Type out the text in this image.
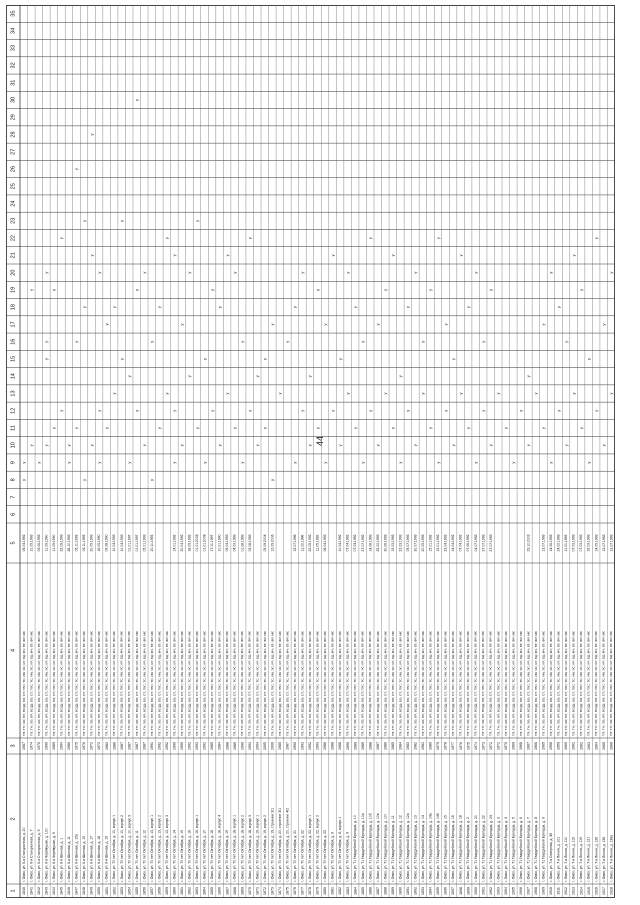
44
1
2
3
4
5
6
7
8
9
10
11
12
13
14
15
16
17
18
19
20
21
22
23
24
25
26
27
28
29
30
31
32
33
34
35
1840
г. Омск, ул. 6-я Станционная, д. 20
1987
ТП; ТН; ЭО; ВР; ВС(Д); ВО; СТ; ГВС; ТС; КМ; ЭС; КР; ВД; ФЧ; ВТ; ФР; МС
09.04.1992
у
у
1841
г. Омск, ул. 6-я Станционная, д. 7
1974
ТП; ТН; ЭО; ВР; ВС(Д); ВО; СТ; ГВС; ТС; КМ; ЭС; КР; ВД; ФЧ; ВТ; ФР; МС
10.05.1993
у
у
1842
г. Омск, ул. 6-я Станционная, д. 5
1970
ТП; ТН; ЭО; ВР; ВС(Д); ВО; СТ; ГВС; ТС; КМ; ЭС; КР; ВД; ФЧ; ВТ; ФР; МС
09.06.1993
у
1843
г. Омск, ул. 6-я Черёмушки, д. 100
1990
ТП; ТН; ЭО; ВР; ВС(Д); ВО; СТ; ГВС; ТС; КМ; ЭС; КР; ВД; ФЧ; ВТ; ФР; МС
11.09.1990
у
у
у
у
1844
г. Омск, ул. 6-я Черёмушки, д. 9
1989
ТП; ТН; ЭО; ВР; ВС(Д); ВО; СТ; ГВС; ТС; КМ; ЭС; КР; ВД; ФЧ; ВТ; ФР; МС
11.09.1990
у
у
1845
г. Омск, ул. 6-я Шинная, д. 1
1994
ТП; ТН; ЭО; ВР; ВС(Д); ВО; СТ; ГВС; ТС; КМ; ЭС; КР; ВД; ФЧ; ВТ; ФР; МС
22.09.1993
у
у
1846
г. Омск, ул. 6-я Шинная, д. 11
1980
ТП; ТН; ЭО; ВР; ВС(Д); ВО; СТ; ГВС; ТС; КМ; ЭС; КР; ВД; ФЧ; ВТ; ФР; МС
28.10.1993
у
у
1847
г. Омск, ул. 6-я Шинная, д. 15а
1975
ТП; ТН; ЭО; ВР; ВС(Д); ВО; СТ; ГВС; ТС; КМ; ЭС; КР; ВД; ФЧ; ВТ; ФР; МС
05.11.1993
у
у
у
1848
г. Омск, ул. 6-я Шинная, д. 15
1976
ТП; ТН; ЭО; ВР; ВС(Д); ВО; СТ; ГВС; ТС; КМ; ЭС; КР; ВД; ФЧ; ВТ; ФР; МС
05.11.1993
у
у
у
1849
г. Омск, ул. 6-я Шинная, д. 17
1972
ТП; ТН; ЭО; ВР; ВС(Д); ВО; СТ; ГВС; ТС; КМ; ЭС; КР; ВД; ФЧ; ВТ; ФР; МС
20.05.1993
у
у
у
1850
г. Омск, ул. 6-я Шинная, д. 18
1973
ТП; ТН; ЭО; ВР; ВС(Д); ВО; СТ; ГВС; ТС; КМ; ЭС; КР; ВД; ФЧ; ВТ; ФР; МС
16.05.1990
у
у
у
1851
г. Омск, ул. 6-я Шинная, д. 19
1983
ТП; ТН; ЭО; ВР; ВС(Д); ВО; СТ; ГВС; ТС; КМ; ЭС; КР; ВД; ФЧ; ВТ; ФР; МС
09.08.1990
у
у
1852
г. Омск, ул. 70 лет Октября, д. 10, корпус 1
1986
ТП; ТН; ЭО; ВР; ВС(Д); ВО; СТ; ГВС; ТС; КМ; ЭС; КР; ВД; ФЧ; ВТ; ФР; МС
10.04.1993
у
у
1853
г. Омск, ул. 70 лет Октября, д. 10, корпус 2
1987
ТП; ТН; ЭО; ВР; ВС(Д); ВО; СТ; ГВС; ТС; КМ; ЭС; КР; ВД; ФЧ; ВТ; ФР; МС
10.04.1993
у
у
1854
г. Омск, ул. 70 лет Октября, д. 10, корпус 3
1987
ТП; ТН; ЭО; ВР; ВС(Д); ВО; СТ; ГВС; ТС; КМ; ЭС; КР; ВД; ФЧ; ВТ; ФР; МС
01.01.1997
у
у
1855
г. Омск, ул. 70 лет Октября, д. 11
1987
ТП; ТН; ЭО; ВР; ВС(Д); ВО; СТ; ГВС; ТС; КМ; ЭС; КР; ВД; ФЧ; ВТ; ФР; МС
01.01.1997
у
у
у
1856
г. Омск, ул. 70 лет Октября, д. 12
1987
ТП; ТН; ЭО; ВР; ВС(Д); ВО; СТ; ГВС; ТС; КМ; ЭС; КР; ВД; ФЧ; ВТ; ФР; МС
05.01.1993
у
у
1857
г. Омск, ул. 70 лет Октября, д. 13, корпус 1
1991
ТП; ТН; ЭО; ВР; ВС(Д); ВО; СТ; ГВС; ТС; КМ; ЭС; КР; ВД; ФЧ; ВТ; ФР; МС
20.11.1993
у
у
1858
г. Омск, ул. 70 лет Октября, д. 13, корпус 2
1992
ТП; ТН; ЭО; ВР; ВС(Д); ВО; СТ; ГВС; ТС; КМ; ЭС; КР; ВД; ФЧ; ВТ; ФР; МС
у
у
1859
г. Омск, ул. 70 лет Октября, д. 13, корпус 3
1992
ТП; ТН; ЭО; ВР; ВС(Д); ВО; СТ; ГВС; ТС; КМ; ЭС; КР; ВД; ФЧ; ВТ; ФР; МС
у
у
1860
г. Омск, ул. 70 лет Октября, д. 14
1990
ТП; ТН; ЭО; ВР; ВС(Д); ВО; СТ; ГВС; ТС; КМ; ЭС; КР; ВД; ФЧ; ВТ; ФР; МС
14.01.1992
у
у
у
1861
г. Омск, ул. 70 лет Октября, д. 15
1990
ТП; ТН; ЭО; ВР; ВС(Д); ВО; СТ; ГВС; ТС; КМ; ЭС; КР; ВД; ФЧ; ВТ; ФР; МС
20.04.1992
у
у
1862
г. Омск, ул. 70 лет Октября, д. 16
1992
ТП; ТН; ЭО; ВР; ВС(Д); ВО; СТ; ГВС; ТС; КМ; ЭС; КР; ВД; ФЧ; ВТ; ФР; МС
18.09.1992
у
у
1863
г. Омск, ул. 70 лет Октября, д. 16, корпус 1
1993
ТП; ТН; ЭО; ВР; ВС(Д); ВО; СТ; ГВС; ТС; КМ; ЭС; КР; ВД; ФЧ; ВТ; ФР; МС
01.01.2008
у
у
1864
г. Омск, ул. 70 лет Октября, д. 17
1992
ТП; ТН; ЭО; ВР; ВС(Д); ВО; СТ; ГВС; ТС; КМ; ЭС; КР; ВД; ФЧ; ВТ; ФР; МС
01.01.2008
у
у
1865
г. Омск, ул. 70 лет Октября, д. 18
1985
ТП; ТН; ЭО; ВР; ВС(Д); ВО; СТ; ГВС; ТС; КМ; ЭС; КР; ВД; ФЧ; ВТ; ФР; МС
17.11.1997
у
у
1866
г. Омск, ул. 70 лет Октября, д. 18, корпус 4
1984
ТП; ТН; ЭО; ВР; ВС(Д); ВО; СТ; ГВС; ТС; КМ; ЭС; КР; ВД; ФЧ; ВТ; ФР; МС
10.01.1990
у
у
1867
г. Омск, ул. 70 лет Октября, д. 19
1988
ТП; ТН; ЭО; ВР; ВС(Д); ВО; СТ; ГВС; ТС; КМ; ЭС; КР; ВД; ФЧ; ВТ; ФР; МС
09.04.1993
у
у
1868
г. Омск, ул. 70 лет Октября, д. 18, корпус 1
1989
ТП; ТН; ЭО; ВР; ВС(Д); ВО; СТ; ГВС; ТС; КМ; ЭС; КР; ВД; ФЧ; ВТ; ФР; МС
04.03.1993
у
у
1869
г. Омск, ул. 70 лет Октября, д. 18, корпус 2
1990
ТП; ТН; ЭО; ВР; ВС(Д); ВО; СТ; ГВС; ТС; КМ; ЭС; КР; ВД; ФЧ; ВТ; ФР; МС
01.08.1993
у
у
1870
г. Омск, ул. 70 лет Октября, д. 18, корпус 3
1991
ТП; ТН; ЭО; ВР; ВС(Д); ВО; СТ; ГВС; ТС; КМ; ЭС; КР; ВД; ФЧ; ВТ; ФР; МС
05.08.1993
у
у
1871
г. Омск, ул. 70 лет Октября, д. 19, корпус 1
2004
ТП; ТН; ЭО; ВР; ВС(Д); ВО; СТ; ГВС; ТС; КМ; ЭС; КР; ВД; ФЧ; ВТ; ФР; МС
у
у
1872
г. Омск, ул. 70 лет Октября, д. 19, корпус 2
2005
ТП; ТН; ЭО; ВР; ВС(Д); ВО; СТ; ГВС; ТС; КМ; ЭС; КР; ВД; ФЧ; ВТ; ФР; МС
05.09.2004
у
у
1873
г. Омск, ул. 70 лет Октября, д. 19, строение 3/1
2006
ТП; ТН; ЭО; ВР; ВС(Д); ВО; СТ; ГВС; ТС; КМ; ЭС; КР; ВД; ФЧ; ВТ; ФР; МС
12.09.2006
у
у
1874
г. Омск, ул. 70 лет Октября, д. 20, строение 3/1
1985
ТП; ТН; ЭО; ВР; ВС(Д); ВО; СТ; ГВС; ТС; КМ; ЭС; КР; ВД; ФЧ; ВТ; ФР; МС
у
1875
г. Омск, ул. 70 лет Октября, д. 20, строение 4/2
1987
ТП; ТН; ЭО; ВР; ВС(Д); ВО; СТ; ГВС; ТС; КМ; ЭС; КР; ВД; ФЧ; ВТ; ФР; МС
у
1876
г. Омск, ул. 70 лет Октября, д. 21
1990
ТП; ТН; ЭО; ВР; ВС(Д); ВО; СТ; ГВС; ТС; КМ; ЭС; КР; ВД; ФЧ; ВТ; ФР; МС
15.07.1996
у
у
1877
г. Омск, ул. 70 лет Октября, д. 22
1991
ТП; ТН; ЭО; ВР; ВС(Д); ВО; СТ; ГВС; ТС; КМ; ЭС; КР; ВД; ФЧ; ВТ; ФР; МС
11.02.1996
у
у
1878
г. Омск, ул. 70 лет Октября, д. 22, корпус 1
1992
ТП; ТН; ЭО; ВР; ВС(Д); ВО; СТ; ГВС; ТС; КМ; ЭС; КР; ВД; ФЧ; ВТ; ФР; МС
22.05.1992
у
у
1879
г. Омск, ул. 70 лет Октября, д. 22, корпус 2
1993
ТП; ТН; ЭО; ВР; ВС(Д); ВО; СТ; ГВС; ТС; КМ; ЭС; КР; ВД; ФЧ; ВТ; ФР; МС
11.05.1992
у
у
1880
г. Омск, ул. 70 лет Октября, д. 23
1986
ТП; ТН; ЭО; ВР; ВС(Д); ВО; СТ; ГВС; ТС; КМ; ЭС; КР; ВД; ФЧ; ВТ; ФР; МС
08.04.1993
у
у
1881
г. Омск, ул. 70 лет Октября, д. 6
1988
ТП; ТН; ЭО; ВР; ВС(Д); ВО; СТ; ГВС; ТС; КМ; ЭС; КР; ВД; ФЧ; ВТ; ФР; МС
у
у
1882
г. Омск, ул. 70 лет Октября, д. 8, корпус 1
1988
ТП; ТН; ЭО; ВР; ВС(Д); ВО; СТ; ГВС; ТС; КМ; ЭС; КР; ВД; ФЧ; ВТ; ФР; МС
10.04.1992
у
у
1883
г. Омск, ул. 70 лет Октября, д. 9
1990
ТП; ТН; ЭО; ВР; ВС(Д); ВО; СТ; ГВС; ТС; КМ; ЭС; КР; ВД; ФЧ; ВТ; ФР; МС
07.04.1992
у
у
1884
г. Омск, ул. 71 Гвардейской Бригады, д. 10
1989
ТП; ТН; ЭО; ВР; ВС(Д); ВО; СТ; ГВС; ТС; КМ; ЭС; КР; ВД; ФЧ; ВТ; ФР; МС
07.04.1992
у
у
1885
г. Омск, ул. 71 Гвардейской Бригады, д. 10а
1989
ТП; ТН; ЭО; ВР; ВС(Д); ВО; СТ; ГВС; ТС; КМ; ЭС; КР; ВД; ФЧ; ВТ; ФР; МС
27.07.1992
у
у
1886
г. Омск, ул. 71 Гвардейской Бригады, д. 10б
1988
ТП; ТН; ЭО; ВР; ВС(Д); ВО; СТ; ГВС; ТС; КМ; ЭС; КР; ВД; ФЧ; ВТ; ФР; МС
14.08.1993
у
у
1887
г. Омск, ул. 71 Гвардейской Бригады, д. 10в
1987
ТП; ТН; ЭО; ВР; ВС(Д); ВО; СТ; ГВС; ТС; КМ; ЭС; КР; ВД; ФЧ; ВТ; ФР; МС
25.02.1993
у
у
1888
г. Омск, ул. 71 Гвардейской Бригады, д. 10г
1986
ТП; ТН; ЭО; ВР; ВС(Д); ВО; СТ; ГВС; ТС; КМ; ЭС; КР; ВД; ФЧ; ВТ; ФР; МС
30.06.1993
у
у
1889
г. Омск, ул. 71 Гвардейской Бригады, д. 11
1985
ТП; ТН; ЭО; ВР; ВС(Д); ВО; СТ; ГВС; ТС; КМ; ЭС; КР; ВД; ФЧ; ВТ; ФР; МС
15.03.1993
у
у
1890
г. Омск, ул. 71 Гвардейской Бригады, д. 12
1984
ТП; ТН; ЭО; ВР; ВС(Д); ВО; СТ; ГВС; ТС; КМ; ЭС; КР; ВД; ФЧ; ВТ; ФР; МС
22.03.1993
у
у
1891
г. Омск, ул. 71 Гвардейской Бригады, д. 12а
1983
ТП; ТН; ЭО; ВР; ВС(Д); ВО; СТ; ГВС; ТС; КМ; ЭС; КР; ВД; ФЧ; ВТ; ФР; МС
09.07.1993
у
у
1892
г. Омск, ул. 71 Гвардейской Бригады, д. 13
1982
ТП; ТН; ЭО; ВР; ВС(Д); ВО; СТ; ГВС; ТС; КМ; ЭС; КР; ВД; ФЧ; ВТ; ФР; МС
30.07.1993
у
у
1893
г. Омск, ул. 71 Гвардейской Бригады, д. 14
1981
ТП; ТН; ЭО; ВР; ВС(Д); ВО; СТ; ГВС; ТС; КМ; ЭС; КР; ВД; ФЧ; ВТ; ФР; МС
20.05.1993
у
у
1894
г. Омск, ул. 71 Гвардейской Бригады, д. 14а
1980
ТП; ТН; ЭО; ВР; ВС(Д); ВО; СТ; ГВС; ТС; КМ; ЭС; КР; ВД; ФЧ; ВТ; ФР; МС
15.01.1992
у
у
1895
г. Омск, ул. 71 Гвардейской Бригады, д. 14б
1979
ТП; ТН; ЭО; ВР; ВС(Д); ВО; СТ; ГВС; ТС; КМ; ЭС; КР; ВД; ФЧ; ВТ; ФР; МС
15.01.1992
у
у
1896
г. Омск, ул. 71 Гвардейской Бригады, д. 15
1978
ТП; ТН; ЭО; ВР; ВС(Д); ВО; СТ; ГВС; ТС; КМ; ЭС; КР; ВД; ФЧ; ВТ; ФР; МС
23.04.1992
у
у
1897
г. Омск, ул. 71 Гвардейской Бригады, д. 16
1977
ТП; ТН; ЭО; ВР; ВС(Д); ВО; СТ; ГВС; ТС; КМ; ЭС; КР; ВД; ФЧ; ВТ; ФР; МС
14.04.1992
у
у
1898
г. Омск, ул. 71 Гвардейской Бригады, д. 18
1976
ТП; ТН; ЭО; ВР; ВС(Д); ВО; СТ; ГВС; ТС; КМ; ЭС; КР; ВД; ФЧ; ВТ; ФР; МС
07.04.1992
у
у
1899
г. Омск, ул. 71 Гвардейской Бригады, д. 2
1975
ТП; ТН; ЭО; ВР; ВС(Д); ВО; СТ; ГВС; ТС; КМ; ЭС; КР; ВД; ФЧ; ВТ; ФР; МС
07.06.1992
у
у
1900
г. Омск, ул. 71 Гвардейской Бригады, д. 20
1974
ТП; ТН; ЭО; ВР; ВС(Д); ВО; СТ; ГВС; ТС; КМ; ЭС; КР; ВД; ФЧ; ВТ; ФР; МС
04.07.1993
у
у
1901
г. Омск, ул. 71 Гвардейской Бригады, д. 22
1973
ТП; ТН; ЭО; ВР; ВС(Д); ВО; СТ; ГВС; ТС; КМ; ЭС; КР; ВД; ФЧ; ВТ; ФР; МС
27.07.1993
у
у
1902
г. Омск, ул. 71 Гвардейской Бригады, д. 24
1972
ТП; ТН; ЭО; ВР; ВС(Д); ВО; СТ; ГВС; ТС; КМ; ЭС; КР; ВД; ФЧ; ВТ; ФР; МС
27.07.1993
у
у
1903
г. Омск, ул. 71 Гвардейской Бригады, д. 3
1971
ТП; ТН; ЭО; ВР; ВС(Д); ВО; СТ; ГВС; ТС; КМ; ЭС; КР; ВД; ФЧ; ВТ; ФР; МС
у
1904
г. Омск, ул. 71 Гвардейской Бригады, д. 4
1970
ТП; ТН; ЭО; ВР; ВС(Д); ВО; СТ; ГВС; ТС; КМ; ЭС; КР; ВД; ФЧ; ВТ; ФР; МС
у
1905
г. Омск, ул. 71 Гвардейской Бригады, д. 5
1969
ТП; ТН; ЭО; ВР; ВС(Д); ВО; СТ; ГВС; ТС; КМ; ЭС; КР; ВД; ФЧ; ВТ; ФР; МС
у
1906
г. Омск, ул. 71 Гвардейской Бригады, д. 6
1968
ТП; ТН; ЭО; ВР; ВС(Д); ВО; СТ; ГВС; ТС; КМ; ЭС; КР; ВД; ФЧ; ВТ; ФР; МС
у
1907
г. Омск, ул. 71 Гвардейской Бригады, д. 7
1967
ТП; ТН; ЭО; ВР; ВС(Д); ВО; СТ; ГВС; ТС; КМ; ЭС; КР; ВД; ФЧ; ВТ; ФР; МС
23.10.2003
у
у
1908
г. Омск, ул. 71 Гвардейской Бригады, д. 8
1966
ТП; ТН; ЭО; ВР; ВС(Д); ВО; СТ; ГВС; ТС; КМ; ЭС; КР; ВД; ФЧ; ВТ; ФР; МС
у
1909
г. Омск, ул. 71 Гвардейской Бригады, д. 9
1965
ТП; ТН; ЭО; ВР; ВС(Д); ВО; СТ; ГВС; ТС; КМ; ЭС; КР; ВД; ФЧ; ВТ; ФР; МС
13.07.1993
у
у
1910
г. Омск, ул. 7-я Северная, д. 4б
1958
ТП; ТН; ЭО; ВР; ВС(Д); ВО; СТ; ГВС; ТС; КМ; ЭС; КР; ВД; ФЧ; ВТ; ФР; МС
14.06.1993
у
у
1911
г. Омск, ул. 7-я Линия, д. 101
1959
ТП; ТН; ЭО; ВР; ВС(Д); ВО; СТ; ГВС; ТС; КМ; ЭС; КР; ВД; ФЧ; ВТ; ФР; МС
24.02.1993
у
у
1912
г. Омск, ул. 7-я Линия, д. 110
1960
ТП; ТН; ЭО; ВР; ВС(Д); ВО; СТ; ГВС; ТС; КМ; ЭС; КР; ВД; ФЧ; ВТ; ФР; МС
11.01.1993
у
у
1913
г. Омск, ул. 7-я Линия, д. 115
1961
ТП; ТН; ЭО; ВР; ВС(Д); ВО; СТ; ГВС; ТС; КМ; ЭС; КР; ВД; ФЧ; ВТ; ФР; МС
07.03.1993
у
у
1914
г. Омск, ул. 7-я Линия, д. 119
1962
ТП; ТН; ЭО; ВР; ВС(Д); ВО; СТ; ГВС; ТС; КМ; ЭС; КР; ВД; ФЧ; ВТ; ФР; МС
07.03.1993
у
у
1915
г. Омск, ул. 7-я Линия, д. 121
1963
ТП; ТН; ЭО; ВР; ВС(Д); ВО; СТ; ГВС; ТС; КМ; ЭС; КР; ВД; ФЧ; ВТ; ФР; МС
16.03.1993
у
у
1916
г. Омск, ул. 7-я Линия, д. 126
1964
ТП; ТН; ЭО; ВР; ВС(Д); ВО; СТ; ГВС; ТС; КМ; ЭС; КР; ВД; ФЧ; ВТ; ФР; МС
14.05.1993
у
у
1917
г. Омск, ул. 7-я Линия, д. 136
1965
ТП; ТН; ЭО; ВР; ВС(Д); ВО; СТ; ГВС; ТС; КМ; ЭС; КР; ВД; ФЧ; ВТ; ФР; МС
13.07.1993
у
у
1918
г. Омск, ул. 7-я Линия, д. 136а
1966
ТП; ТН; ЭО; ВР; ВС(Д); ВО; СТ; ГВС; ТС; КМ; ЭС; КР; ВД; ФЧ; ВТ; ФР; МС
13.07.1993
у
у
